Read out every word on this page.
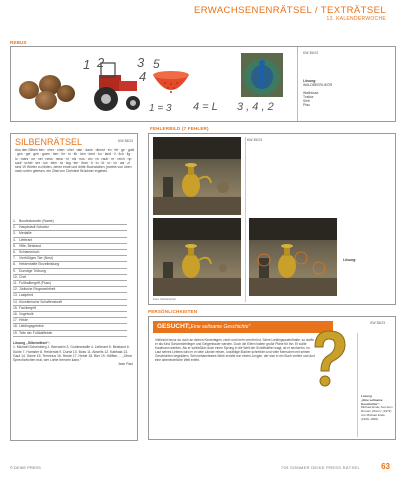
ERWACHSENENRÄTSEL / TEXTRÄTSEL
13. KALENDERWOCHE
REBUS
1 2	3
4
5
1 = 3 4 = L 3 , 4 , 2
KW 35/23
Lösung:
WALDBEERLIKÖR
Wallnüsse
Traktor
Sieb
Pfau
FEHLERBILD (7 FEHLER)
SILBENRÄTSEL	KW 35/23
Aus den Silben ben · cher · chen · chel · dan · dank · dienst · en · fel · ge · gold · gen · gel · geh · gram · hen · ihr · in · lib · ken · kent · ku · land · li · lich · lig · lo · mars · ne · nel · ness · neun · ni · nis · nus · om · ra · raub · re · reich · rip · sauf · schel · ser · sor · stim · ta · tag · ten · than · ti · tu · tö · ur · vo · wa · zi sind 19 Wörter zu bilden, deren erste und dritte Buchstaben, jeweils von oben nach unten gelesen, ein Zitat von Christine Brückner ergeben.
1. Bundeskanzler (Name)
2. Hauptstadt Schweiz
3. Medaille
4. Lieferant
5. Hilfe, Beistand
6. Schlammloch
7. Vierfüßiges Tier (Nest)
8. Heldenhafte Einzelleistung
9. Dunstige Trübung
10.Chef
11. Fußballbegriff (Fluss)
12.Jüdische Eingeweihtheit
13.Lastpferd
14.Künstlerische Schaffenskraft
15.Fachbegriff
16.Vogelvolk
17.Heide
18.Lieblingsgetränk
19.Teile der Fußballfelder
Lösung „Silbenrätsel“:
1. Michael Scheinberg 2. Bernstein 3. Goldmedaille 4. Lieferant 5. Beistand 6. Suhle 7. Hamster 8. Heldentat 9. Dunst 10. Boss 11. Abseits 12. Kabbala 13. Gaul 14. Genie 15. Terminus 16. Herde 17. Heide 18. Bier 19. Hälften … „Ohne Sprechzeichen mal, wer Liebe trennen kann.“
Jean Paul
KW 35/23
Foto: Shutterstock
Lösung:
PERSÖNLICHKEITEN
GESUCHT:
„Eine seltsame Geschichte“
Vielleicht bevor du noch an deinen Kindertagen, reich und mehr verrührt ist. Seine Lieblingsaufenthalte, so durfte er als Kind Schornsteinfeger und Geigenbauer werden. Doch die Eltern haben große Pläne für ihn: Er sollte Kaufmann werden. Als er schließlich doch einen Sprung in die Welt der Schriftsteller wagt, ist er sechzehn. Im Lauf seines Lebens wird er in viele Länder reisen, unzählige Bücher schreiben und viele Menschen mit seinen Geschichten begeistern. Sein bekanntestes Werk erzählt von einem Jungen, der sich in ein Buch verliert und dort eine abenteuerliche Welt erlebt.
KW 35/23
Lösung
„Eine seltsame Geschichte“:
Michael Ende, Aus dem Roman „Momo“ (1973) von Michael Ende (1929–1995).
© DEIKE PRESS	709 SOMMER DEIKE PRESS RÄTSEL	63
